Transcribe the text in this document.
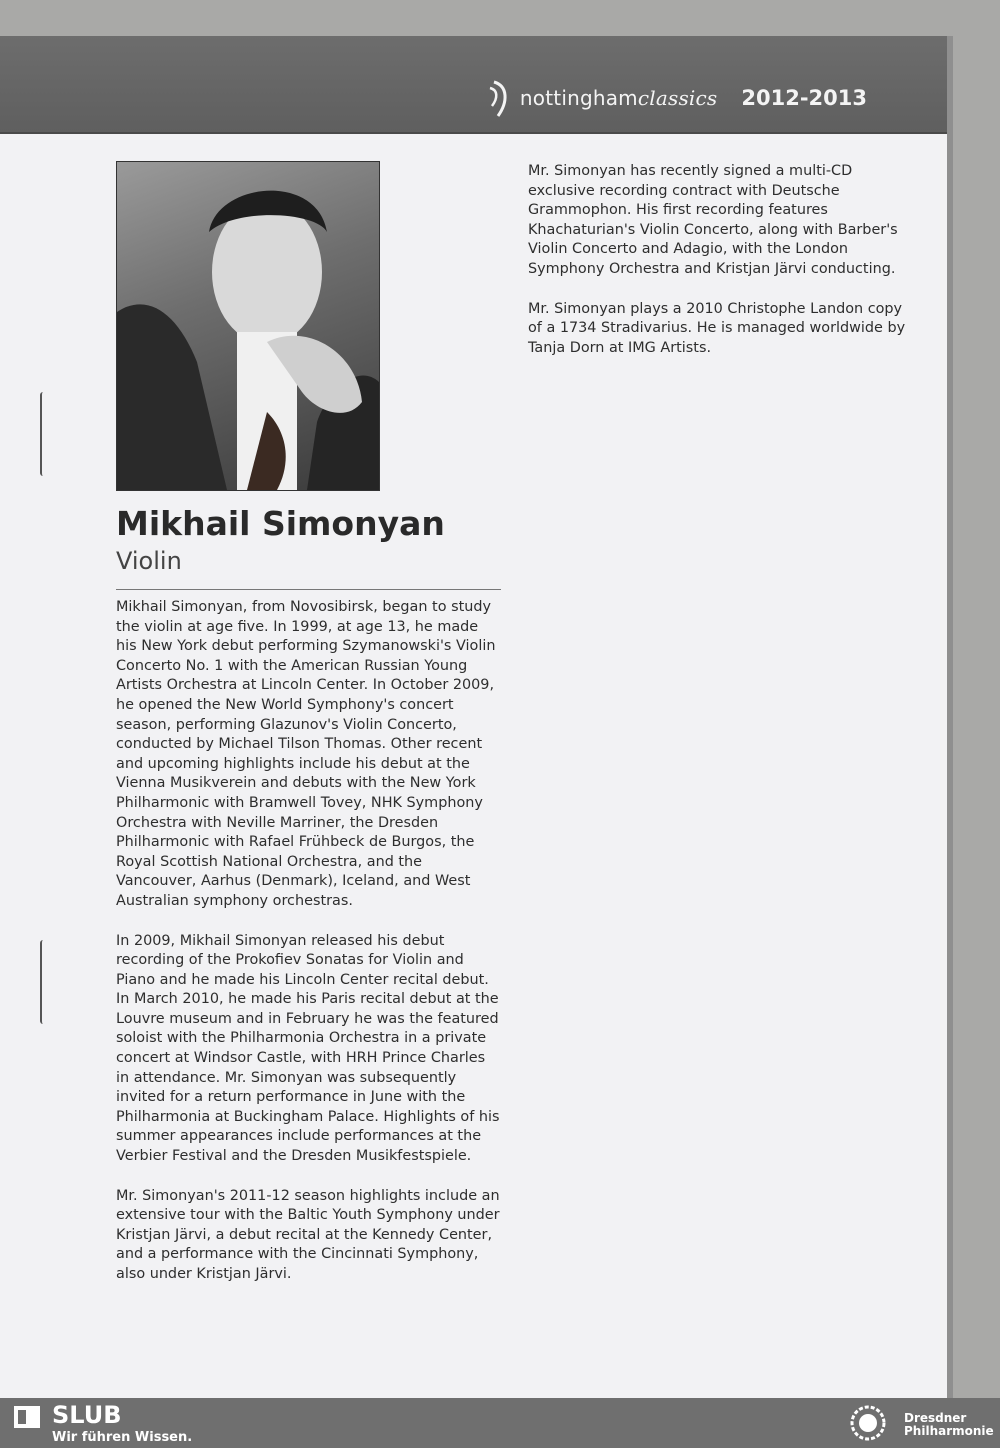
nottinghamclassics 2012-2013
Mikhail Simonyan
Violin

Mikhail Simonyan, from Novosibirsk, began to study the violin at age five. In 1999, at age 13, he made his New York debut performing Szymanowski's Violin Concerto No. 1 with the American Russian Young Artists Orchestra at Lincoln Center. In October 2009, he opened the New World Symphony's concert season, performing Glazunov's Violin Concerto, conducted by Michael Tilson Thomas. Other recent and upcoming highlights include his debut at the Vienna Musikverein and debuts with the New York Philharmonic with Bramwell Tovey, NHK Symphony Orchestra with Neville Marriner, the Dresden Philharmonic with Rafael Frühbeck de Burgos, the Royal Scottish National Orchestra, and the Vancouver, Aarhus (Denmark), Iceland, and West Australian symphony orchestras.

In 2009, Mikhail Simonyan released his debut recording of the Prokofiev Sonatas for Violin and Piano and he made his Lincoln Center recital debut. In March 2010, he made his Paris recital debut at the Louvre museum and in February he was the featured soloist with the Philharmonia Orchestra in a private concert at Windsor Castle, with HRH Prince Charles in attendance. Mr. Simonyan was subsequently invited for a return performance in June with the Philharmonia at Buckingham Palace. Highlights of his summer appearances include performances at the Verbier Festival and the Dresden Musikfestspiele.

Mr. Simonyan's 2011-12 season highlights include an extensive tour with the Baltic Youth Symphony under Kristjan Järvi, a debut recital at the Kennedy Center, and a performance with the Cincinnati Symphony, also under Kristjan Järvi.

Mr. Simonyan has recently signed a multi-CD exclusive recording contract with Deutsche Grammophon. His first recording features Khachaturian's Violin Concerto, along with Barber's Violin Concerto and Adagio, with the London Symphony Orchestra and Kristjan Järvi conducting.

Mr. Simonyan plays a 2010 Christophe Landon copy of a 1734 Stradivarius. He is managed worldwide by Tanja Dorn at IMG Artists.

SLUB
Wir führen Wissen.
Dresdner
Philharmonie
